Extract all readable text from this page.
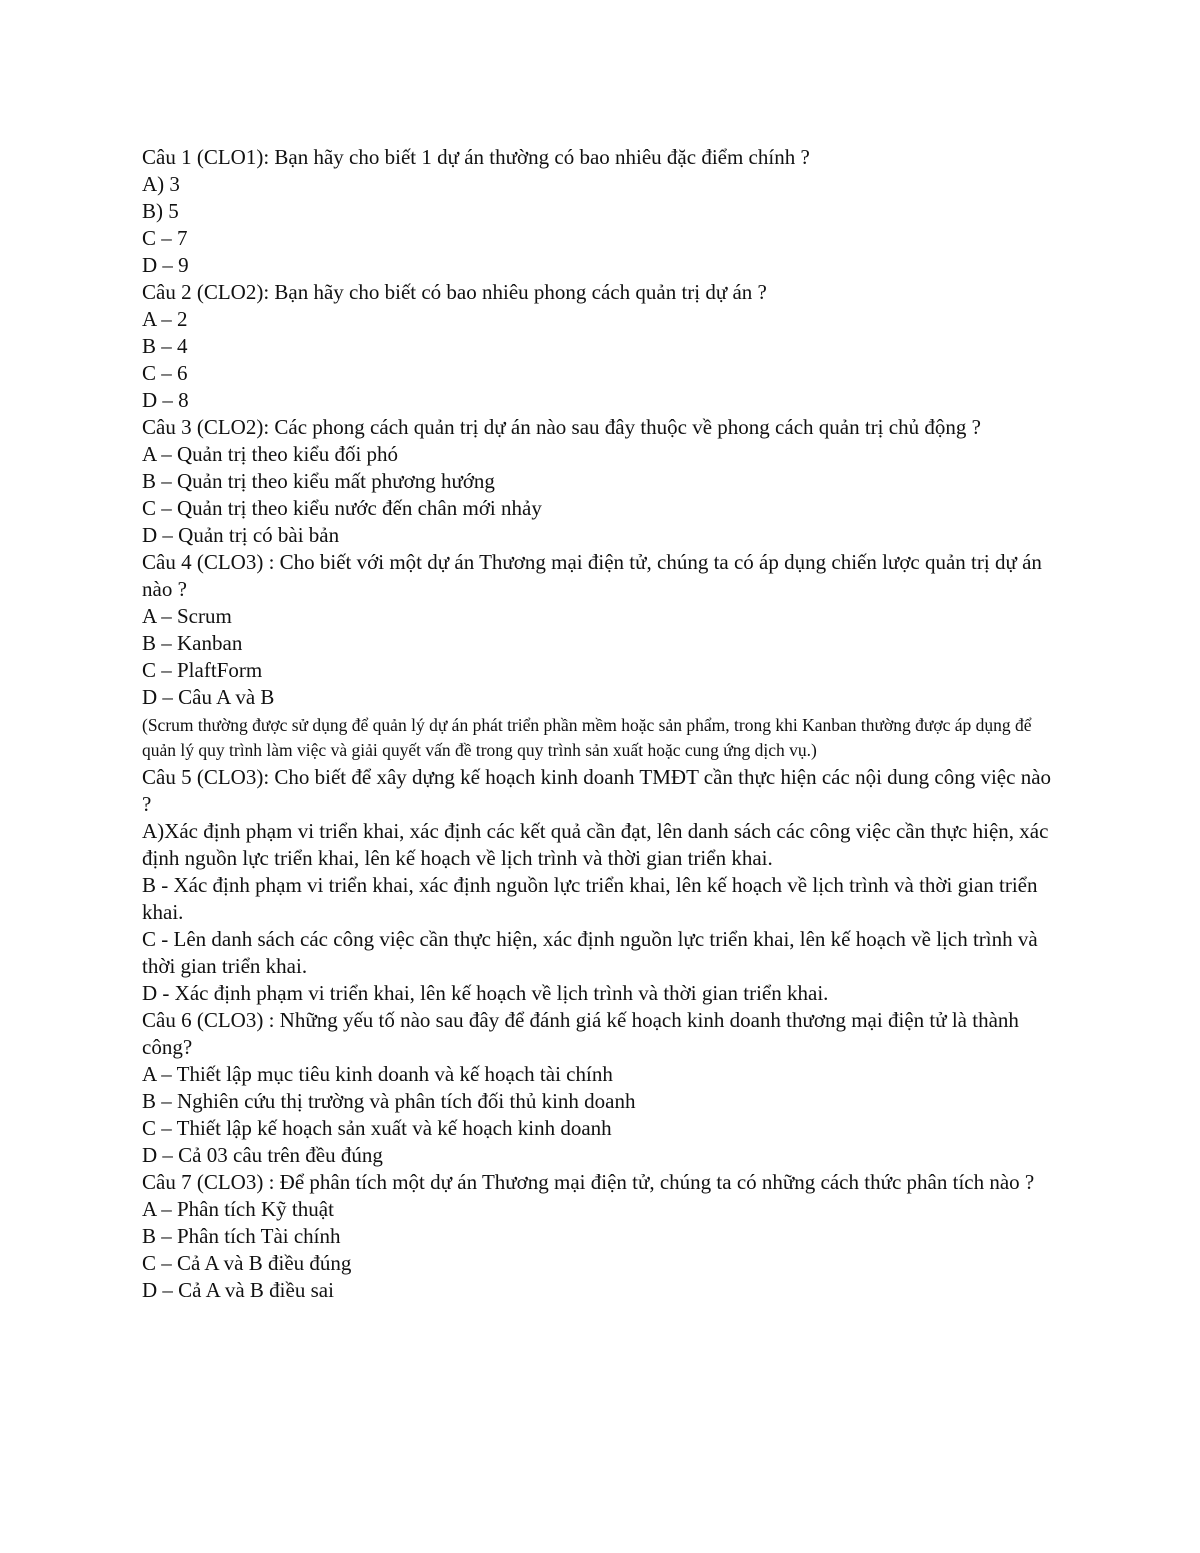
Câu 1 (CLO1): Bạn hãy cho biết 1 dự án thường có bao nhiêu đặc điểm chính ?

A) 3

B) 5

C – 7

D – 9

Câu 2 (CLO2): Bạn hãy cho biết có bao nhiêu phong cách quản trị dự án ?

A – 2

B – 4

C – 6

D – 8

Câu 3 (CLO2): Các phong cách quản trị dự án nào sau đây thuộc về phong cách quản trị chủ động ?

A – Quản trị theo kiểu đối phó

B – Quản trị theo kiểu mất phương hướng

C – Quản trị theo kiểu nước đến chân mới nhảy

D – Quản trị có bài bản

Câu 4 (CLO3) : Cho biết với một dự án Thương mại điện tử, chúng ta có áp dụng chiến lược quản trị dự án nào ?

A – Scrum

B – Kanban

C – PlaftForm

D – Câu A và B

(Scrum thường được sử dụng để quản lý dự án phát triển phần mềm hoặc sản phẩm, trong khi Kanban thường được áp dụng để quản lý quy trình làm việc và giải quyết vấn đề trong quy trình sản xuất hoặc cung ứng dịch vụ.)

Câu 5 (CLO3): Cho biết để xây dựng kế hoạch kinh doanh TMĐT cần thực hiện các nội dung công việc nào ?

A)Xác định phạm vi triển khai, xác định các kết quả cần đạt, lên danh sách các công việc cần thực hiện, xác định nguồn lực triển khai, lên kế hoạch về lịch trình và thời gian triển khai.

B - Xác định phạm vi triển khai, xác định nguồn lực triển khai, lên kế hoạch về lịch trình và thời gian triển khai.

C - Lên danh sách các công việc cần thực hiện, xác định nguồn lực triển khai, lên kế hoạch về lịch trình và thời gian triển khai.

D - Xác định phạm vi triển khai, lên kế hoạch về lịch trình và thời gian triển khai.

Câu 6 (CLO3) : Những yếu tố nào sau đây để đánh giá kế hoạch kinh doanh thương mại điện tử là thành công?

A – Thiết lập mục tiêu kinh doanh và kế hoạch tài chính

B – Nghiên cứu thị trường và phân tích đối thủ kinh doanh

C – Thiết lập kế hoạch sản xuất và kế hoạch kinh doanh

D – Cả 03 câu trên đều đúng

Câu 7 (CLO3) : Để phân tích một dự án Thương mại điện tử, chúng ta có những cách thức phân tích nào ?

A – Phân tích Kỹ thuật

B – Phân tích Tài chính

C – Cả A và B điều đúng

D – Cả A và B điều sai
